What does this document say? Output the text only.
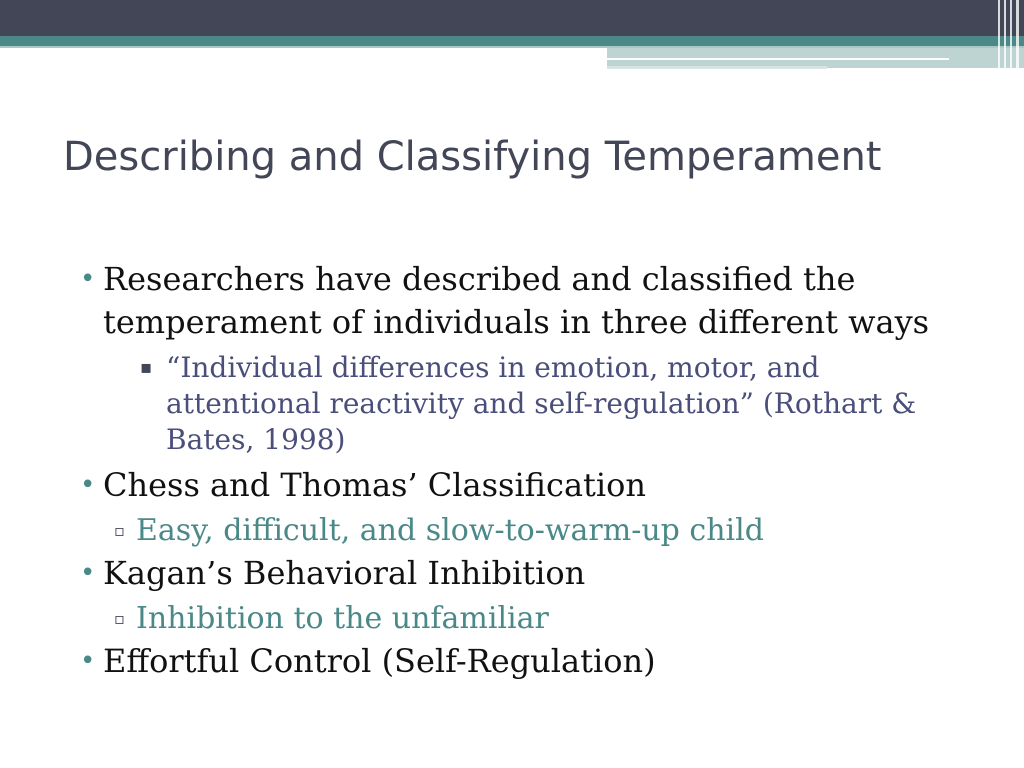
Describing and Classifying Temperament
• Researchers have described and classified the temperament of individuals in three different ways
▪ “Individual differences in emotion, motor, and attentional reactivity and self-regulation” (Rothart & Bates, 1998)
• Chess and Thomas’ Classification
▫ Easy, difficult, and slow-to-warm-up child
• Kagan’s Behavioral Inhibition
▫ Inhibition to the unfamiliar
• Effortful Control (Self-Regulation)
